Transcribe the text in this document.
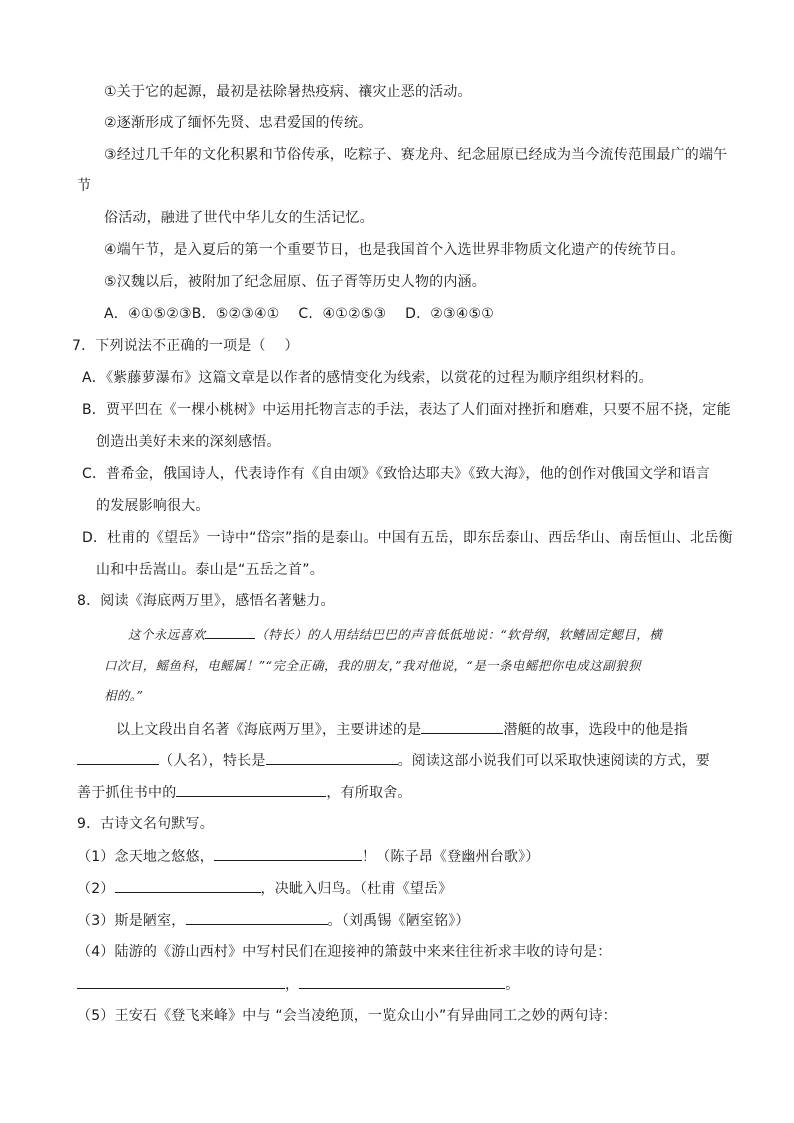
①关于它的起源，最初是祛除暑热疫病、禳灾止恶的活动。
②逐渐形成了缅怀先贤、忠君爱国的传统。
③经过几千年的文化积累和节俗传承，吃粽子、赛龙舟、纪念屈原已经成为当今流传范围最广的端午
节
俗活动，融进了世代中华儿女的生活记忆。
④端午节，是入夏后的第一个重要节日，也是我国首个入选世界非物质文化遗产的传统节日。
⑤汉魏以后，被附加了纪念屈原、伍子胥等历史人物的内涵。
A．④①⑤②③B．⑤②③④①　 C．④①②⑤③　 D．②③④⑤①
7．下列说法不正确的一项是（　 ）
A．《紫藤萝瀑布》这篇文章是以作者的感情变化为线索，以赏花的过程为顺序组织材料的。
B．贾平凹在《一棵小桃树》中运用托物言志的手法，表达了人们面对挫折和磨难，只要不屈不挠，定能
创造出美好未来的深刻感悟。
C．普希金，俄国诗人，代表诗作有《自由颂》《致恰达耶夫》《致大海》，他的创作对俄国文学和语言
的发展影响很大。
D．杜甫的《望岳》一诗中“岱宗”指的是泰山。中国有五岳，即东岳泰山、西岳华山、南岳恒山、北岳衡
山和中岳嵩山。泰山是“五岳之首”。
8．阅读《海底两万里》，感悟名著魅力。
这个永远喜欢	（特长）的人用结结巴巴的声音低低地说：“软骨纲，软鳍固定鳃目，横
口次目，鳐鱼科，电鳐属！”“完全正确，我的朋友，”我对他说，“是一条电鳐把你电成这副狼狈
相的。”
以上文段出自名著《海底两万里》，主要讲述的是	潜艇的故事，选段中的他是指
（人名），特长是	。阅读这部小说我们可以采取快速阅读的方式，要
善于抓住书中的	，有所取舍。
9．古诗文名句默写。
（1）念天地之悠悠，	！（陈子昂《登幽州台歌》）
（2）	，决眦入归鸟。（杜甫《望岳》
（3）斯是陋室，	。（刘禹锡《陋室铭》）
（4）陆游的《游山西村》中写村民们在迎接神的箫鼓中来来往往祈求丰收的诗句是：
，	。
（5）王安石《登飞来峰》中与 “会当凌绝顶，一览众山小”有异曲同工之妙的两句诗：
